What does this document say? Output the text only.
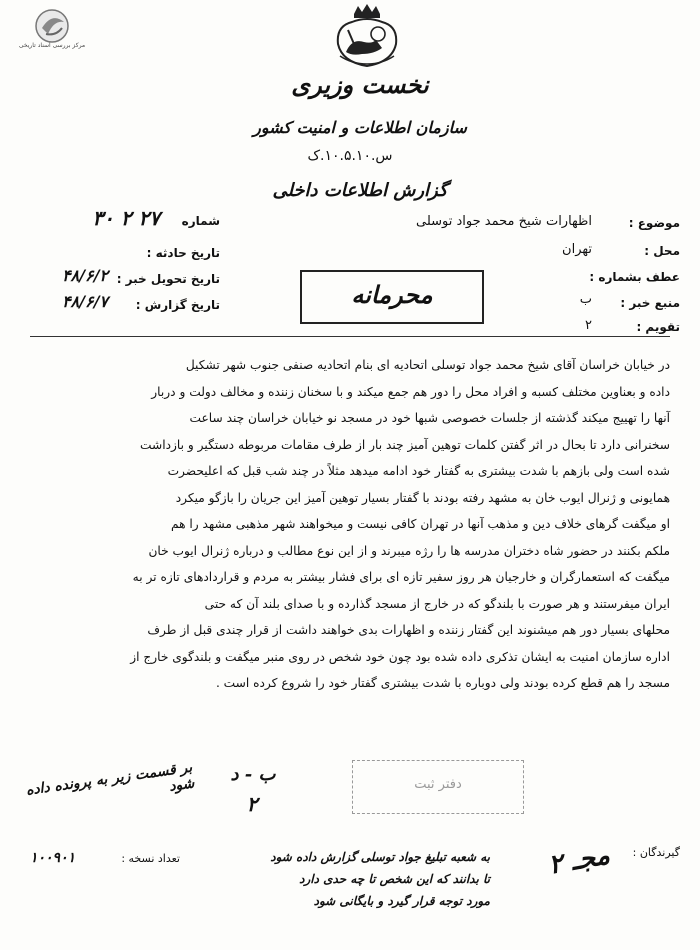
مرکز بررسی اسناد تاریخی
نخست وزیری
سازمان اطلاعات و امنیت کشور
س.۱۰.۵.۱۰.ک
گزارش اطلاعات داخلی
موضوع :
اظهارات شیخ محمد جواد توسلی
محل :
تهران
عطف بشماره :
منبع خبر :
ب
تقویم :
۲
شماره
۳۰ ۲ ۲۷
تاریخ حادثه :
تاریخ تحویل خبر :
۴۸/۶/۲
تاریخ گزارش :
۴۸/۶/۷	محرمانه
در خیابان خراسان آقای شیخ محمد جواد توسلی اتحادیه ای بنام اتحادیه صنفی جنوب شهر تشکیل
داده و بعناوین مختلف کسبه و افراد محل را دور هم جمع میکند و با سخنان زننده و مخالف دولت و دربار
آنها را تهییج میکند گذشته از جلسات خصوصی شبها خود در مسجد نو خیابان خراسان چند ساعت
سخنرانی دارد تا بحال در اثر گفتن کلمات توهین آمیز چند بار از طرف مقامات مربوطه دستگیر و بازداشت
شده است ولی بازهم با شدت بیشتری به گفتار خود ادامه میدهد مثلاً در چند شب قبل که اعلیحضرت
همایونی و ژنرال ایوب خان به مشهد رفته بودند با گفتار بسیار توهین آمیز این جریان را بازگو میکرد
او میگفت گرهای خلاف دین و مذهب آنها در تهران کافی نیست و میخواهند شهر مذهبی مشهد را هم
ملکم بکنند در حضور شاه دختران مدرسه ها را رژه میبرند و از این نوع مطالب و درباره ژنرال ایوب خان
میگفت که استعمارگران و خارجیان هر روز سفیر تازه ای برای فشار بیشتر به مردم و قراردادهای تازه تر به
ایران میفرستند و هر صورت با بلندگو که در خارج از مسجد گذارده و با صدای بلند آن که حتی
محلهای بسیار دور هم میشنوند این گفتار زننده و اظهارات بدی خواهند داشت از قرار چندی قبل از طرف
اداره سازمان امنیت به ایشان تذکری داده شده بود چون خود شخص در روی منبر میگفت و بلندگوی خارج از
مسجد را هم قطع کرده بودند ولی دوباره با شدت بیشتری گفتار خود را شروع کرده است .
بر قسمت زیر به پرونده داده شود
ب - د
۲
دفتر ثبت
گیرندگان :
مجـ ۲
به شعبه تبلیغ جواد توسلی گزارش داده شود
تا بدانند که این شخص تا چه حدی دارد
مورد توجه قرار گیرد و بایگانی شود
تعداد نسخه :
۱۰۰۹۰۱
